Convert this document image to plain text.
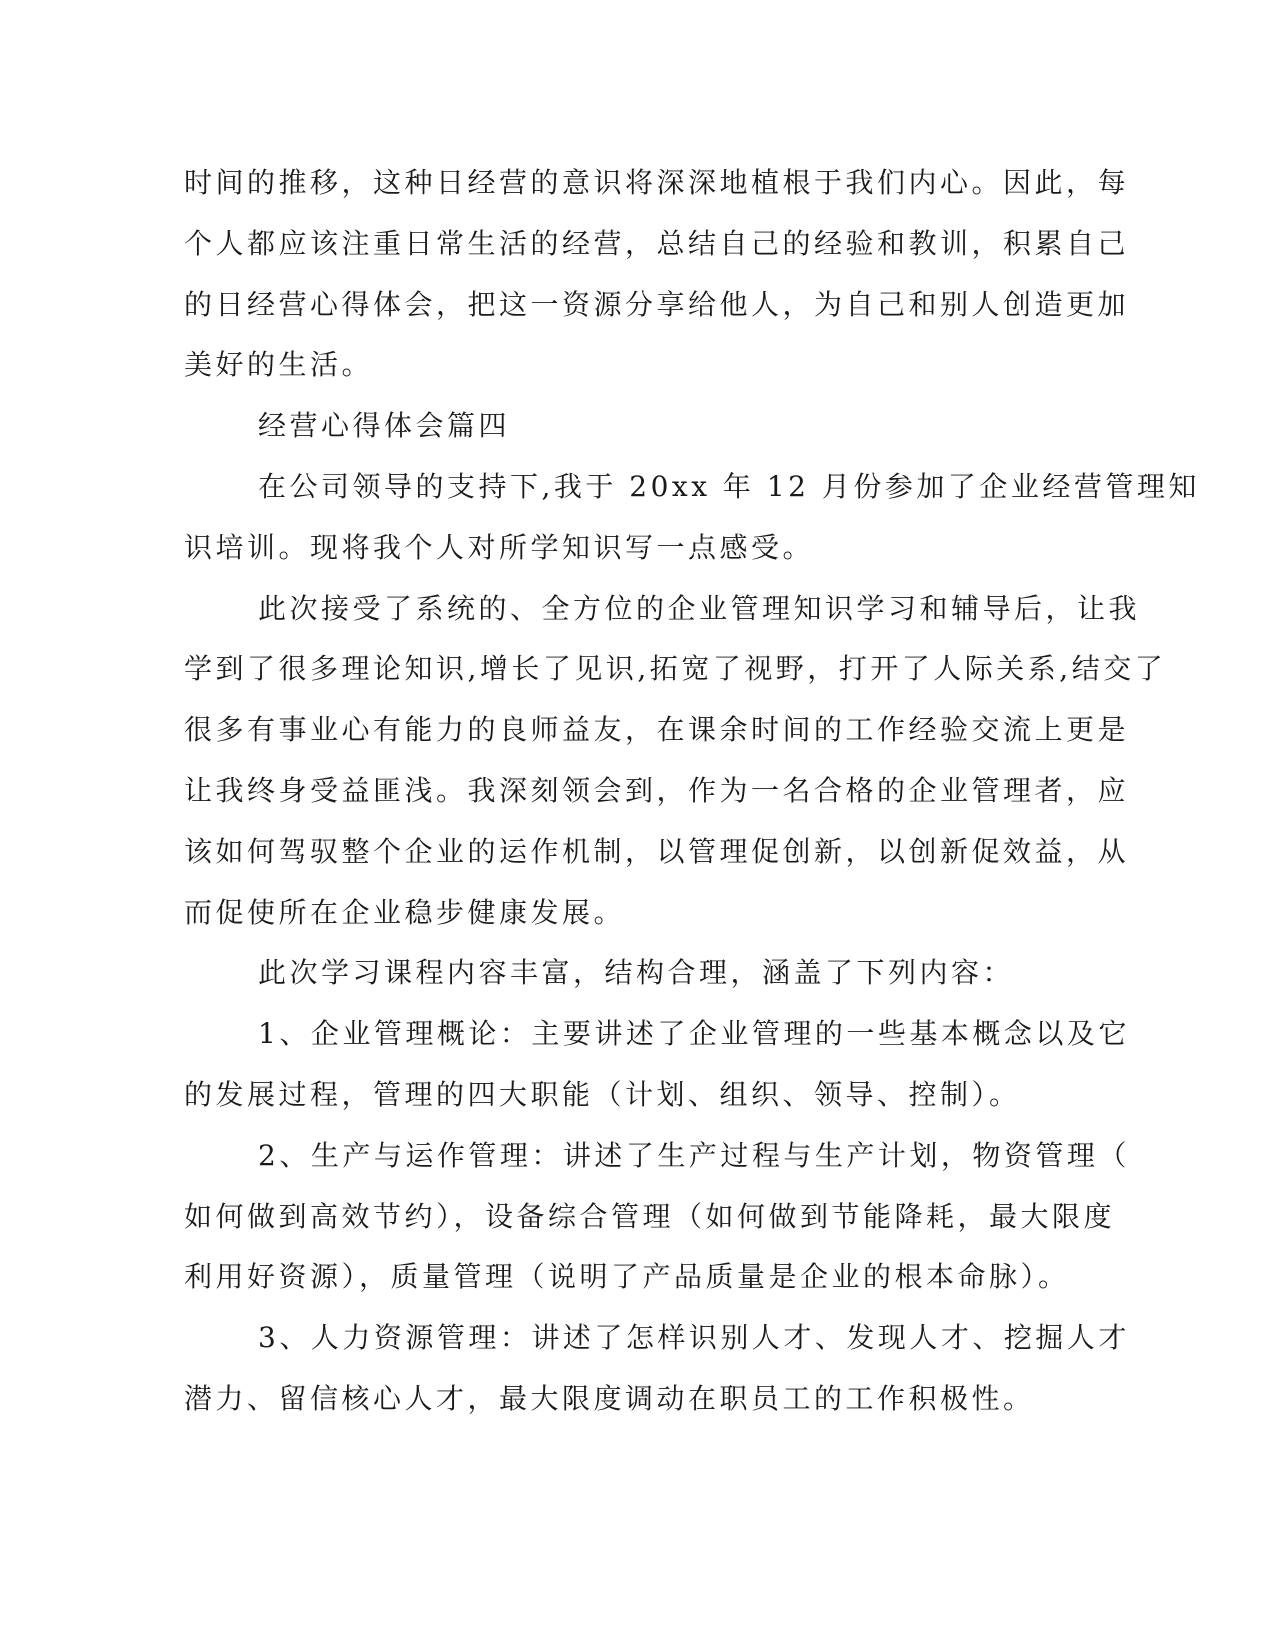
时间的推移，这种日经营的意识将深深地植根于我们内心。因此，每
个人都应该注重日常生活的经营，总结自己的经验和教训，积累自己
的日经营心得体会，把这一资源分享给他人，为自己和别人创造更加
美好的生活。
经营心得体会篇四
在公司领导的支持下,我于 20xx 年 12 月份参加了企业经营管理知
识培训。现将我个人对所学知识写一点感受。
此次接受了系统的、全方位的企业管理知识学习和辅导后，让我
学到了很多理论知识,增长了见识,拓宽了视野，打开了人际关系,结交了
很多有事业心有能力的良师益友，在课余时间的工作经验交流上更是
让我终身受益匪浅。我深刻领会到，作为一名合格的企业管理者，应
该如何驾驭整个企业的运作机制，以管理促创新，以创新促效益，从
而促使所在企业稳步健康发展。
此次学习课程内容丰富，结构合理，涵盖了下列内容：
1、企业管理概论：主要讲述了企业管理的一些基本概念以及它
的发展过程，管理的四大职能（计划、组织、领导、控制）。
2、生产与运作管理：讲述了生产过程与生产计划，物资管理（
如何做到高效节约），设备综合管理（如何做到节能降耗，最大限度
利用好资源），质量管理（说明了产品质量是企业的根本命脉）。
3、人力资源管理：讲述了怎样识别人才、发现人才、挖掘人才
潜力、留信核心人才，最大限度调动在职员工的工作积极性。
